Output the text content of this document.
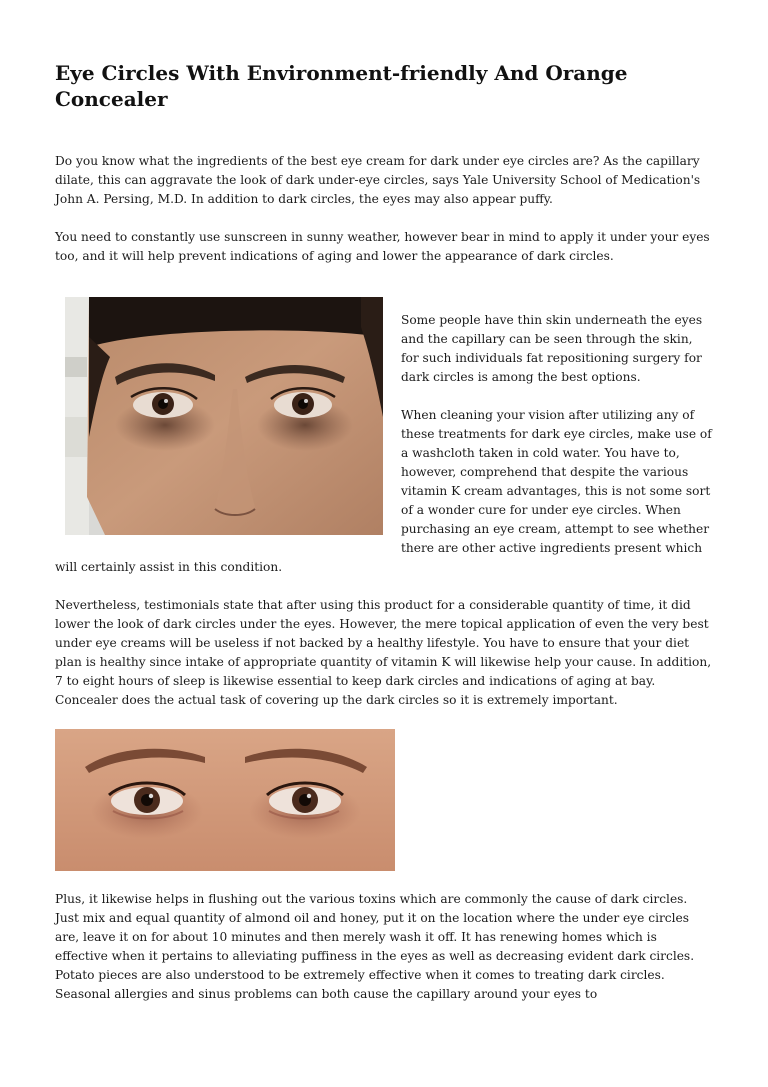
Eye Circles With Environment-friendly And Orange Concealer

Do you know what the ingredients of the best eye cream for dark under eye circles are? As the capillary dilate, this can aggravate the look of dark under-eye circles, says Yale University School of Medication's John A. Persing, M.D. In addition to dark circles, the eyes may also appear puffy.

You need to constantly use sunscreen in sunny weather, however bear in mind to apply it under your eyes too, and it will help prevent indications of aging and lower the appearance of dark circles.

Some people have thin skin underneath the eyes and the capillary can be seen through the skin, for such individuals fat repositioning surgery for dark circles is among the best options.

When cleaning your vision after utilizing any of these treatments for dark eye circles, make use of a washcloth taken in cold water. You have to, however, comprehend that despite the various vitamin K cream advantages, this is not some sort of a wonder cure for under eye circles. When purchasing an eye cream, attempt to see whether there are other active ingredients present which will certainly assist in this condition.

Nevertheless, testimonials state that after using this product for a considerable quantity of time, it did lower the look of dark circles under the eyes. However, the mere topical application of even the very best under eye creams will be useless if not backed by a healthy lifestyle. You have to ensure that your diet plan is healthy since intake of appropriate quantity of vitamin K will likewise help your cause. In addition, 7 to eight hours of sleep is likewise essential to keep dark circles and indications of aging at bay. Concealer does the actual task of covering up the dark circles so it is extremely important.

Plus, it likewise helps in flushing out the various toxins which are commonly the cause of dark circles. Just mix and equal quantity of almond oil and honey, put it on the location where the under eye circles are, leave it on for about 10 minutes and then merely wash it off. It has renewing homes which is effective when it pertains to alleviating puffiness in the eyes as well as decreasing evident dark circles. Potato pieces are also understood to be extremely effective when it comes to treating dark circles. Seasonal allergies and sinus problems can both cause the capillary around your eyes to
